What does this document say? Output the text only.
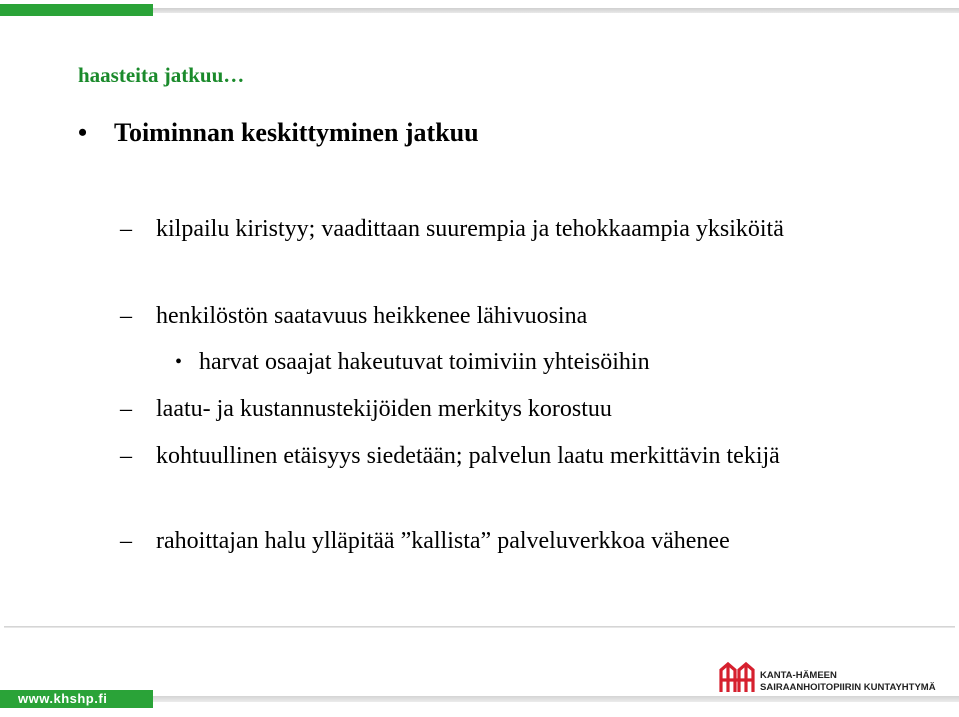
haasteita jatkuu…
• Toiminnan keskittyminen jatkuu
–	kilpailu kiristyy; vaadittaan suurempia ja tehokkaampia yksiköitä
–	henkilöstön saatavuus heikkenee lähivuosina
• harvat osaajat hakeutuvat toimiviin yhteisöihin
–	laatu- ja kustannustekijöiden merkitys korostuu
–	kohtuullinen etäisyys siedetään; palvelun laatu merkittävin tekijä
–	rahoittajan halu ylläpitää ”kallista” palveluverkkoa vähenee
KANTA-HÄMEEN
SAIRAANHOITOPIIRIN KUNTAYHTYMÄ
www.khshp.fi
